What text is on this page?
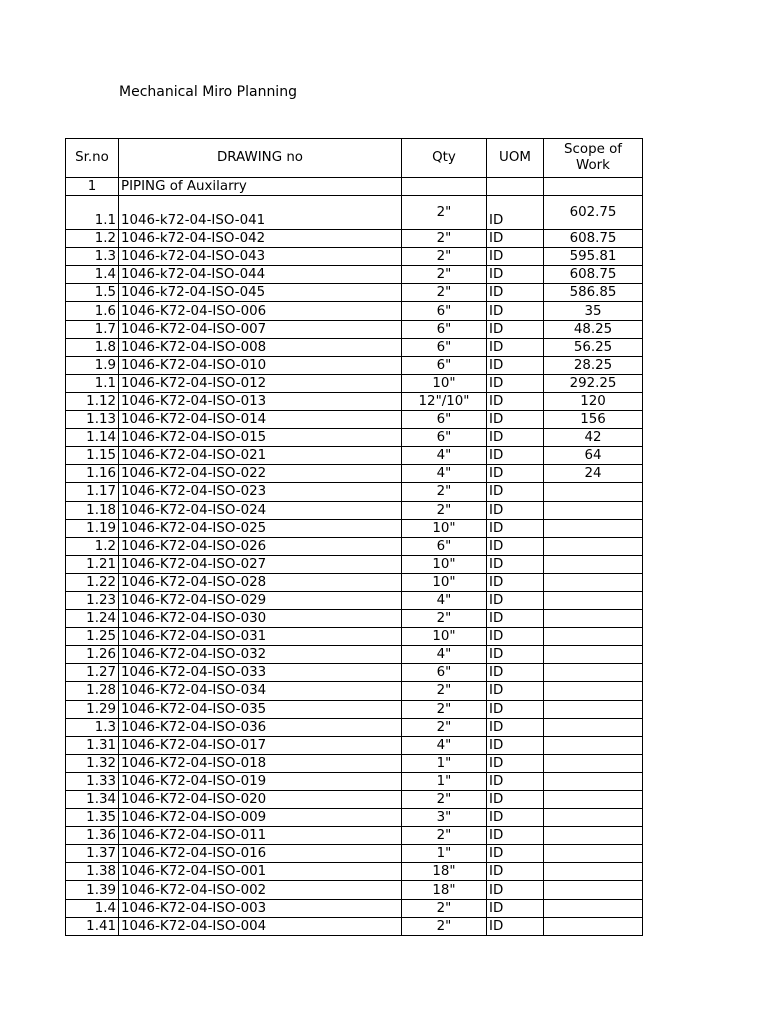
Mechanical Miro Planning
Sr.no	DRAWING no	Qty	UOM	Scope of Work
1	PIPING of Auxilarry			
1.1	1046-k72-04-ISO-041	2"	ID	602.75
1.2	1046-k72-04-ISO-042	2"	ID	608.75
1.3	1046-k72-04-ISO-043	2"	ID	595.81
1.4	1046-k72-04-ISO-044	2"	ID	608.75
1.5	1046-k72-04-ISO-045	2"	ID	586.85
1.6	1046-K72-04-ISO-006	6"	ID	35
1.7	1046-K72-04-ISO-007	6"	ID	48.25
1.8	1046-K72-04-ISO-008	6"	ID	56.25
1.9	1046-K72-04-ISO-010	6"	ID	28.25
1.1	1046-K72-04-ISO-012	10"	ID	292.25
1.12	1046-K72-04-ISO-013	12"/10"	ID	120
1.13	1046-K72-04-ISO-014	6"	ID	156
1.14	1046-K72-04-ISO-015	6"	ID	42
1.15	1046-K72-04-ISO-021	4"	ID	64
1.16	1046-K72-04-ISO-022	4"	ID	24
1.17	1046-K72-04-ISO-023	2"	ID	
1.18	1046-K72-04-ISO-024	2"	ID	
1.19	1046-K72-04-ISO-025	10"	ID	
1.2	1046-K72-04-ISO-026	6"	ID	
1.21	1046-K72-04-ISO-027	10"	ID	
1.22	1046-K72-04-ISO-028	10"	ID	
1.23	1046-K72-04-ISO-029	4"	ID	
1.24	1046-K72-04-ISO-030	2"	ID	
1.25	1046-K72-04-ISO-031	10"	ID	
1.26	1046-K72-04-ISO-032	4"	ID	
1.27	1046-K72-04-ISO-033	6"	ID	
1.28	1046-K72-04-ISO-034	2"	ID	
1.29	1046-K72-04-ISO-035	2"	ID	
1.3	1046-K72-04-ISO-036	2"	ID	
1.31	1046-K72-04-ISO-017	4"	ID	
1.32	1046-K72-04-ISO-018	1"	ID	
1.33	1046-K72-04-ISO-019	1"	ID	
1.34	1046-K72-04-ISO-020	2"	ID	
1.35	1046-K72-04-ISO-009	3"	ID	
1.36	1046-K72-04-ISO-011	2"	ID	
1.37	1046-K72-04-ISO-016	1"	ID	
1.38	1046-K72-04-ISO-001	18"	ID	
1.39	1046-K72-04-ISO-002	18"	ID	
1.4	1046-K72-04-ISO-003	2"	ID	
1.41	1046-K72-04-ISO-004	2"	ID	
